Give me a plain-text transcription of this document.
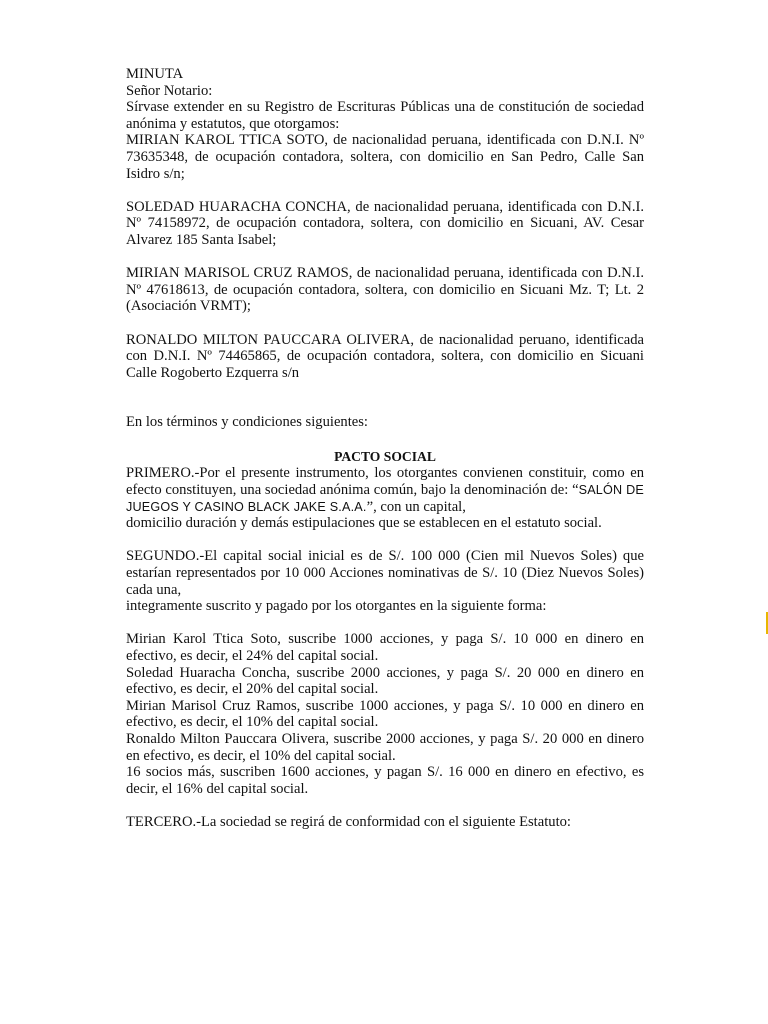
MINUTA

Señor Notario:

Sírvase extender en su Registro de Escrituras Públicas una de constitución de sociedad anónima y estatutos, que otorgamos:

MIRIAN KAROL TTICA SOTO, de nacionalidad peruana, identificada con D.N.I. Nº 73635348, de ocupación contadora, soltera, con domicilio en San Pedro, Calle San Isidro s/n;

SOLEDAD HUARACHA CONCHA, de nacionalidad peruana, identificada con D.N.I. Nº 74158972, de ocupación contadora, soltera, con domicilio en Sicuani, AV. Cesar Alvarez 185 Santa Isabel;

MIRIAN MARISOL CRUZ RAMOS, de nacionalidad peruana, identificada con D.N.I. Nº 47618613, de ocupación contadora, soltera, con domicilio en Sicuani Mz. T; Lt. 2 (Asociación VRMT);

RONALDO MILTON PAUCCARA OLIVERA, de nacionalidad peruano, identificada con D.N.I. Nº 74465865, de ocupación contadora, soltera, con domicilio en Sicuani Calle Rogoberto Ezquerra s/n

En los términos y condiciones siguientes:

PACTO SOCIAL

PRIMERO.-Por el presente instrumento, los otorgantes convienen constituir, como en efecto constituyen, una sociedad anónima común, bajo la denominación de: “SALÓN DE JUEGOS Y CASINO BLACK JAKE S.A.A.”, con un capital,

domicilio duración y demás estipulaciones que se establecen en el estatuto social.

SEGUNDO.-El capital social inicial es de S/. 100 000 (Cien mil Nuevos Soles) que estarían representados por 10 000 Acciones nominativas de S/. 10 (Diez Nuevos Soles) cada una,

integramente suscrito y pagado por los otorgantes en la siguiente forma:

Mirian Karol Ttica Soto, suscribe 1000 acciones, y paga S/. 10 000 en dinero en efectivo, es decir, el 24% del capital social.

Soledad Huaracha Concha, suscribe 2000 acciones, y paga S/. 20 000 en dinero en efectivo, es decir, el 20% del capital social.

Mirian Marisol Cruz Ramos, suscribe 1000 acciones, y paga S/. 10 000 en dinero en efectivo, es decir, el 10% del capital social.

Ronaldo Milton Pauccara Olivera, suscribe 2000 acciones, y paga S/. 20 000 en dinero en efectivo, es decir, el 10% del capital social.

16 socios más, suscriben 1600 acciones, y pagan S/. 16 000 en dinero en efectivo, es decir, el 16% del capital social.

TERCERO.-La sociedad se regirá de conformidad con el siguiente Estatuto:
